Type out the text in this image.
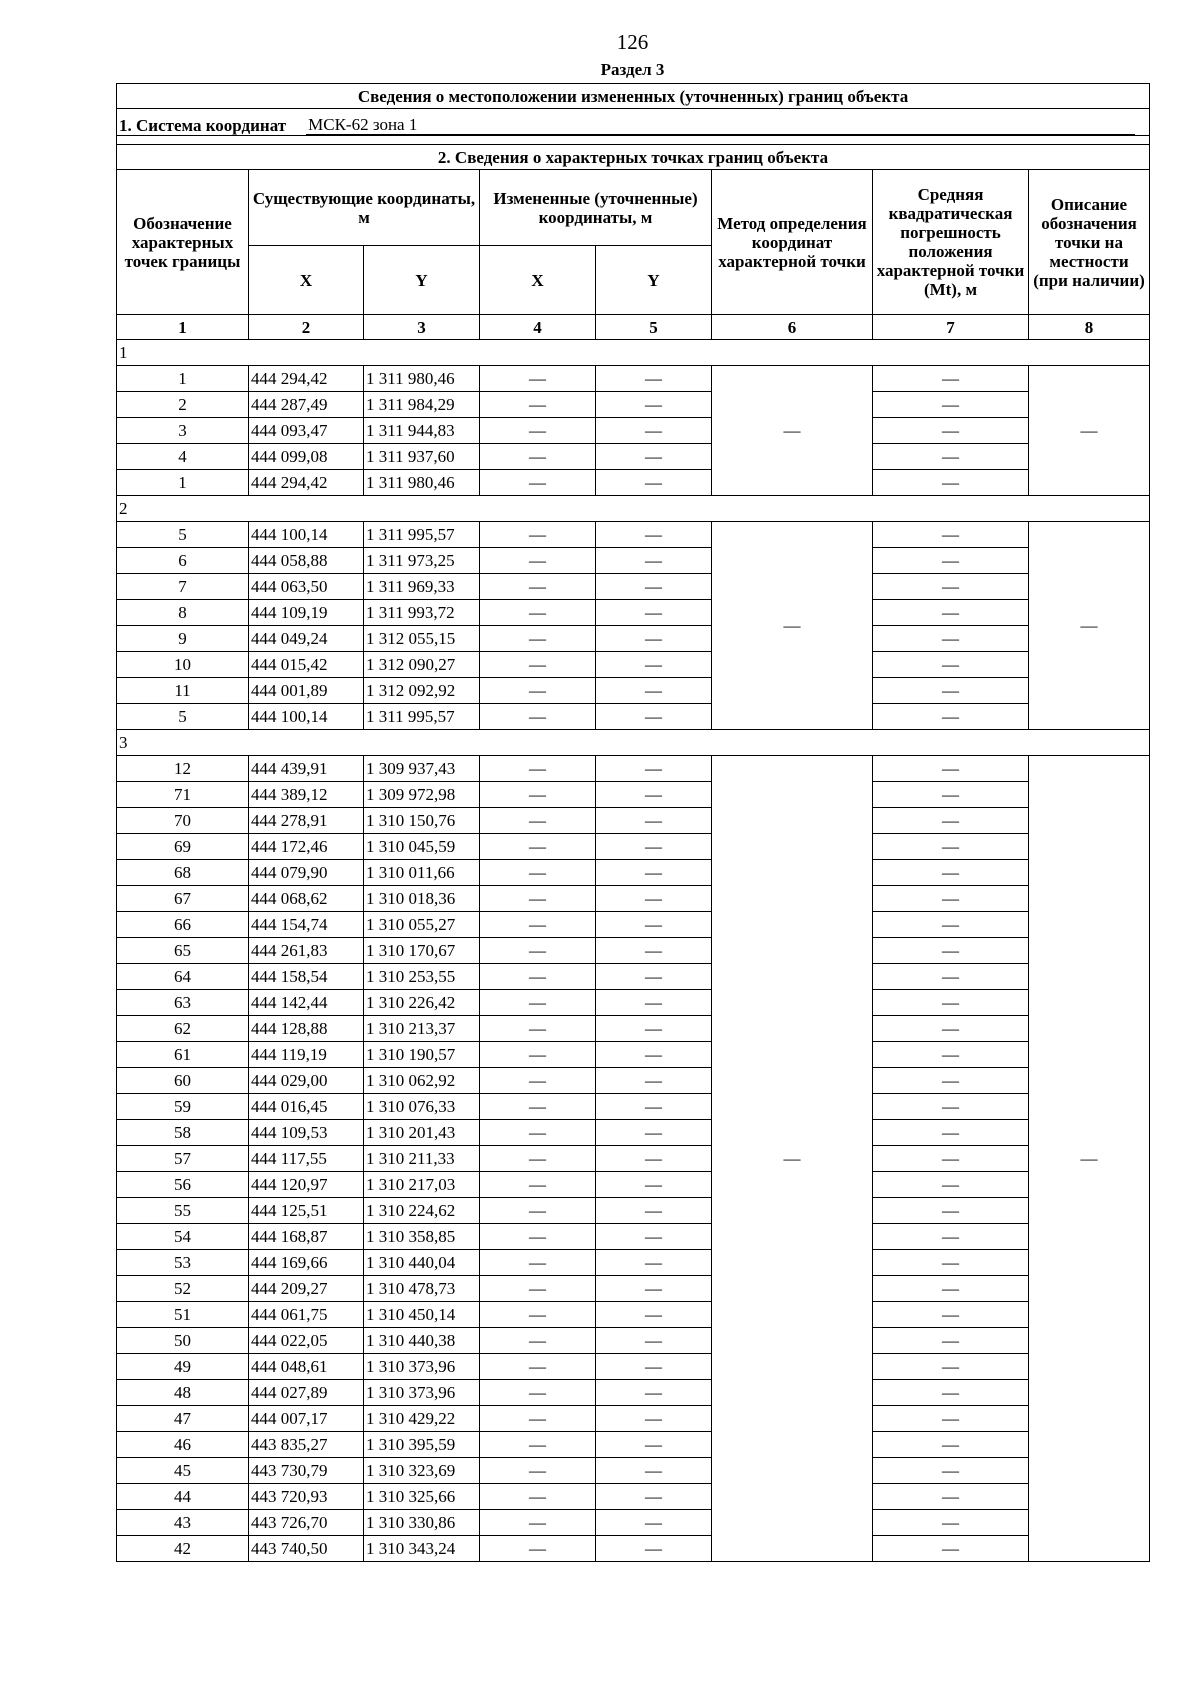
126
Раздел 3
Сведения о местоположении измененных (уточненных) границ объекта							

1. Система координат МСК-62 зона 1							

2. Сведения о характерных точках границ объекта							
Обозначение характерных точек границы	Существующие координаты, м		Измененные (уточненные) координаты, м		Метод определения координат характерной точки	Средняя квадратическая погрешность положения характерной точки (Mt), м	Описание обозначения точки на местности (при наличии)
	X	Y	X	Y			
1	2	3	4	5	6	7	8
1							
1	444 294,42	1 311 980,46	—	—	—	—	—
2	444 287,49	1 311 984,29	—	—		—	
3	444 093,47	1 311 944,83	—	—		—	
4	444 099,08	1 311 937,60	—	—		—	
1	444 294,42	1 311 980,46	—	—		—	
2							
5	444 100,14	1 311 995,57	—	—	—	—	—
6	444 058,88	1 311 973,25	—	—		—	
7	444 063,50	1 311 969,33	—	—		—	
8	444 109,19	1 311 993,72	—	—		—	
9	444 049,24	1 312 055,15	—	—		—	
10	444 015,42	1 312 090,27	—	—		—	
11	444 001,89	1 312 092,92	—	—		—	
5	444 100,14	1 311 995,57	—	—		—	
3							
12	444 439,91	1 309 937,43	—	—	—	—	—
71	444 389,12	1 309 972,98	—	—		—	
70	444 278,91	1 310 150,76	—	—		—	
69	444 172,46	1 310 045,59	—	—		—	
68	444 079,90	1 310 011,66	—	—		—	
67	444 068,62	1 310 018,36	—	—		—	
66	444 154,74	1 310 055,27	—	—		—	
65	444 261,83	1 310 170,67	—	—		—	
64	444 158,54	1 310 253,55	—	—		—	
63	444 142,44	1 310 226,42	—	—		—	
62	444 128,88	1 310 213,37	—	—		—	
61	444 119,19	1 310 190,57	—	—		—	
60	444 029,00	1 310 062,92	—	—		—	
59	444 016,45	1 310 076,33	—	—		—	
58	444 109,53	1 310 201,43	—	—		—	
57	444 117,55	1 310 211,33	—	—		—	
56	444 120,97	1 310 217,03	—	—		—	
55	444 125,51	1 310 224,62	—	—		—	
54	444 168,87	1 310 358,85	—	—		—	
53	444 169,66	1 310 440,04	—	—		—	
52	444 209,27	1 310 478,73	—	—		—	
51	444 061,75	1 310 450,14	—	—		—	
50	444 022,05	1 310 440,38	—	—		—	
49	444 048,61	1 310 373,96	—	—		—	
48	444 027,89	1 310 373,96	—	—		—	
47	444 007,17	1 310 429,22	—	—		—	
46	443 835,27	1 310 395,59	—	—		—	
45	443 730,79	1 310 323,69	—	—		—	
44	443 720,93	1 310 325,66	—	—		—	
43	443 726,70	1 310 330,86	—	—		—	
42	443 740,50	1 310 343,24	—	—		—	
